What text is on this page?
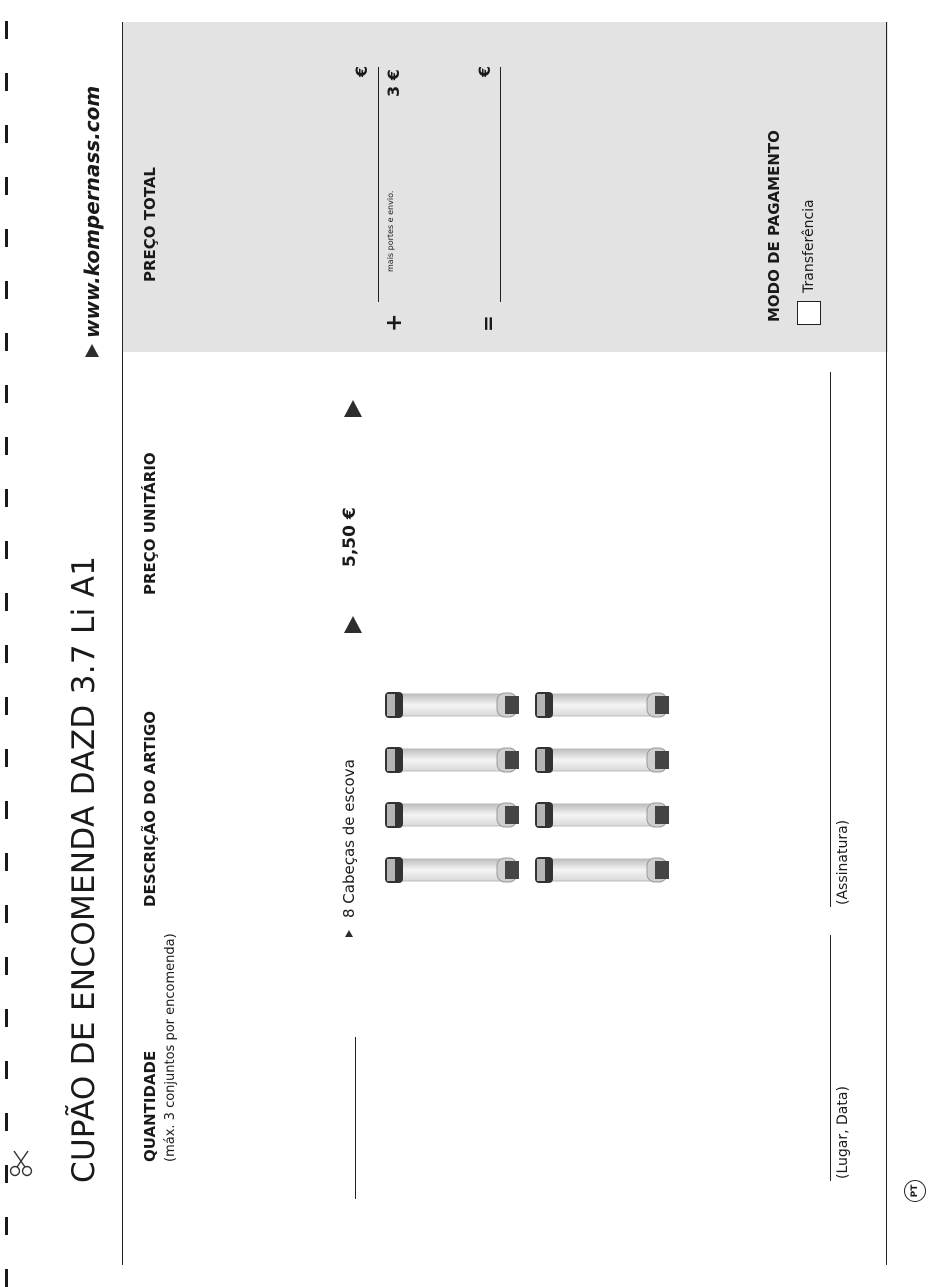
CUPÃO DE ENCOMENDA DAZD 3.7 Li A1
www.kompernass.com
QUANTIDADE (máx. 3 conjuntos por encomenda)
DESCRIÇÃO DO ARTIGO
PREÇO UNITÁRIO
PREÇO TOTAL
8 Cabeças de escova
5,50 €
€
+
mais portes e envio.
3 €
=
€
MODO DE PAGAMENTO Transferência
(Lugar, Data)
(Assinatura)
PT
